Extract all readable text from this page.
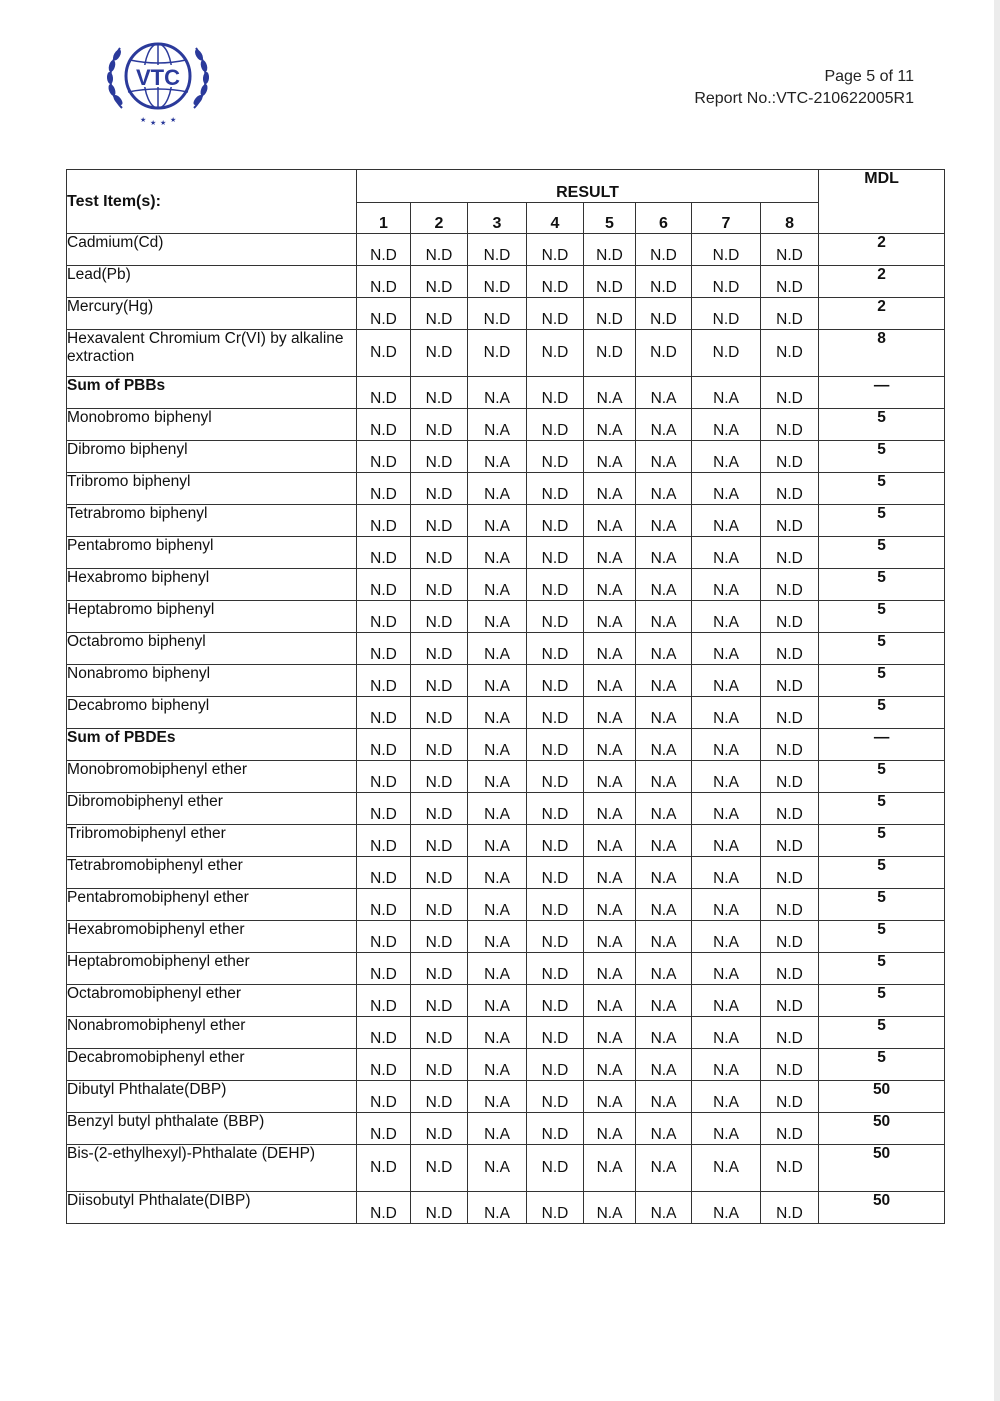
VTC
★ ★ ★ ★
Page 5 of 11
Report No.:VTC-210622005R1
Test Item(s):	RESULT								MDL
	1	2	3	4	5	6	7	8	
Cadmium(Cd)	N.D	N.D	N.D	N.D	N.D	N.D	N.D	N.D	2
Lead(Pb)	N.D	N.D	N.D	N.D	N.D	N.D	N.D	N.D	2
Mercury(Hg)	N.D	N.D	N.D	N.D	N.D	N.D	N.D	N.D	2
Hexavalent Chromium Cr(VI) by alkaline extraction	N.D	N.D	N.D	N.D	N.D	N.D	N.D	N.D	8
Sum of PBBs	N.D	N.D	N.A	N.D	N.A	N.A	N.A	N.D	—
Monobromo biphenyl	N.D	N.D	N.A	N.D	N.A	N.A	N.A	N.D	5
Dibromo biphenyl	N.D	N.D	N.A	N.D	N.A	N.A	N.A	N.D	5
Tribromo biphenyl	N.D	N.D	N.A	N.D	N.A	N.A	N.A	N.D	5
Tetrabromo biphenyl	N.D	N.D	N.A	N.D	N.A	N.A	N.A	N.D	5
Pentabromo biphenyl	N.D	N.D	N.A	N.D	N.A	N.A	N.A	N.D	5
Hexabromo biphenyl	N.D	N.D	N.A	N.D	N.A	N.A	N.A	N.D	5
Heptabromo biphenyl	N.D	N.D	N.A	N.D	N.A	N.A	N.A	N.D	5
Octabromo biphenyl	N.D	N.D	N.A	N.D	N.A	N.A	N.A	N.D	5
Nonabromo biphenyl	N.D	N.D	N.A	N.D	N.A	N.A	N.A	N.D	5
Decabromo biphenyl	N.D	N.D	N.A	N.D	N.A	N.A	N.A	N.D	5
Sum of PBDEs	N.D	N.D	N.A	N.D	N.A	N.A	N.A	N.D	—
Monobromobiphenyl ether	N.D	N.D	N.A	N.D	N.A	N.A	N.A	N.D	5
Dibromobiphenyl ether	N.D	N.D	N.A	N.D	N.A	N.A	N.A	N.D	5
Tribromobiphenyl ether	N.D	N.D	N.A	N.D	N.A	N.A	N.A	N.D	5
Tetrabromobiphenyl ether	N.D	N.D	N.A	N.D	N.A	N.A	N.A	N.D	5
Pentabromobiphenyl ether	N.D	N.D	N.A	N.D	N.A	N.A	N.A	N.D	5
Hexabromobiphenyl ether	N.D	N.D	N.A	N.D	N.A	N.A	N.A	N.D	5
Heptabromobiphenyl ether	N.D	N.D	N.A	N.D	N.A	N.A	N.A	N.D	5
Octabromobiphenyl ether	N.D	N.D	N.A	N.D	N.A	N.A	N.A	N.D	5
Nonabromobiphenyl ether	N.D	N.D	N.A	N.D	N.A	N.A	N.A	N.D	5
Decabromobiphenyl ether	N.D	N.D	N.A	N.D	N.A	N.A	N.A	N.D	5
Dibutyl Phthalate(DBP)	N.D	N.D	N.A	N.D	N.A	N.A	N.A	N.D	50
Benzyl butyl phthalate (BBP)	N.D	N.D	N.A	N.D	N.A	N.A	N.A	N.D	50
Bis-(2-ethylhexyl)-Phthalate (DEHP)	N.D	N.D	N.A	N.D	N.A	N.A	N.A	N.D	50
Diisobutyl Phthalate(DIBP)	N.D	N.D	N.A	N.D	N.A	N.A	N.A	N.D	50
